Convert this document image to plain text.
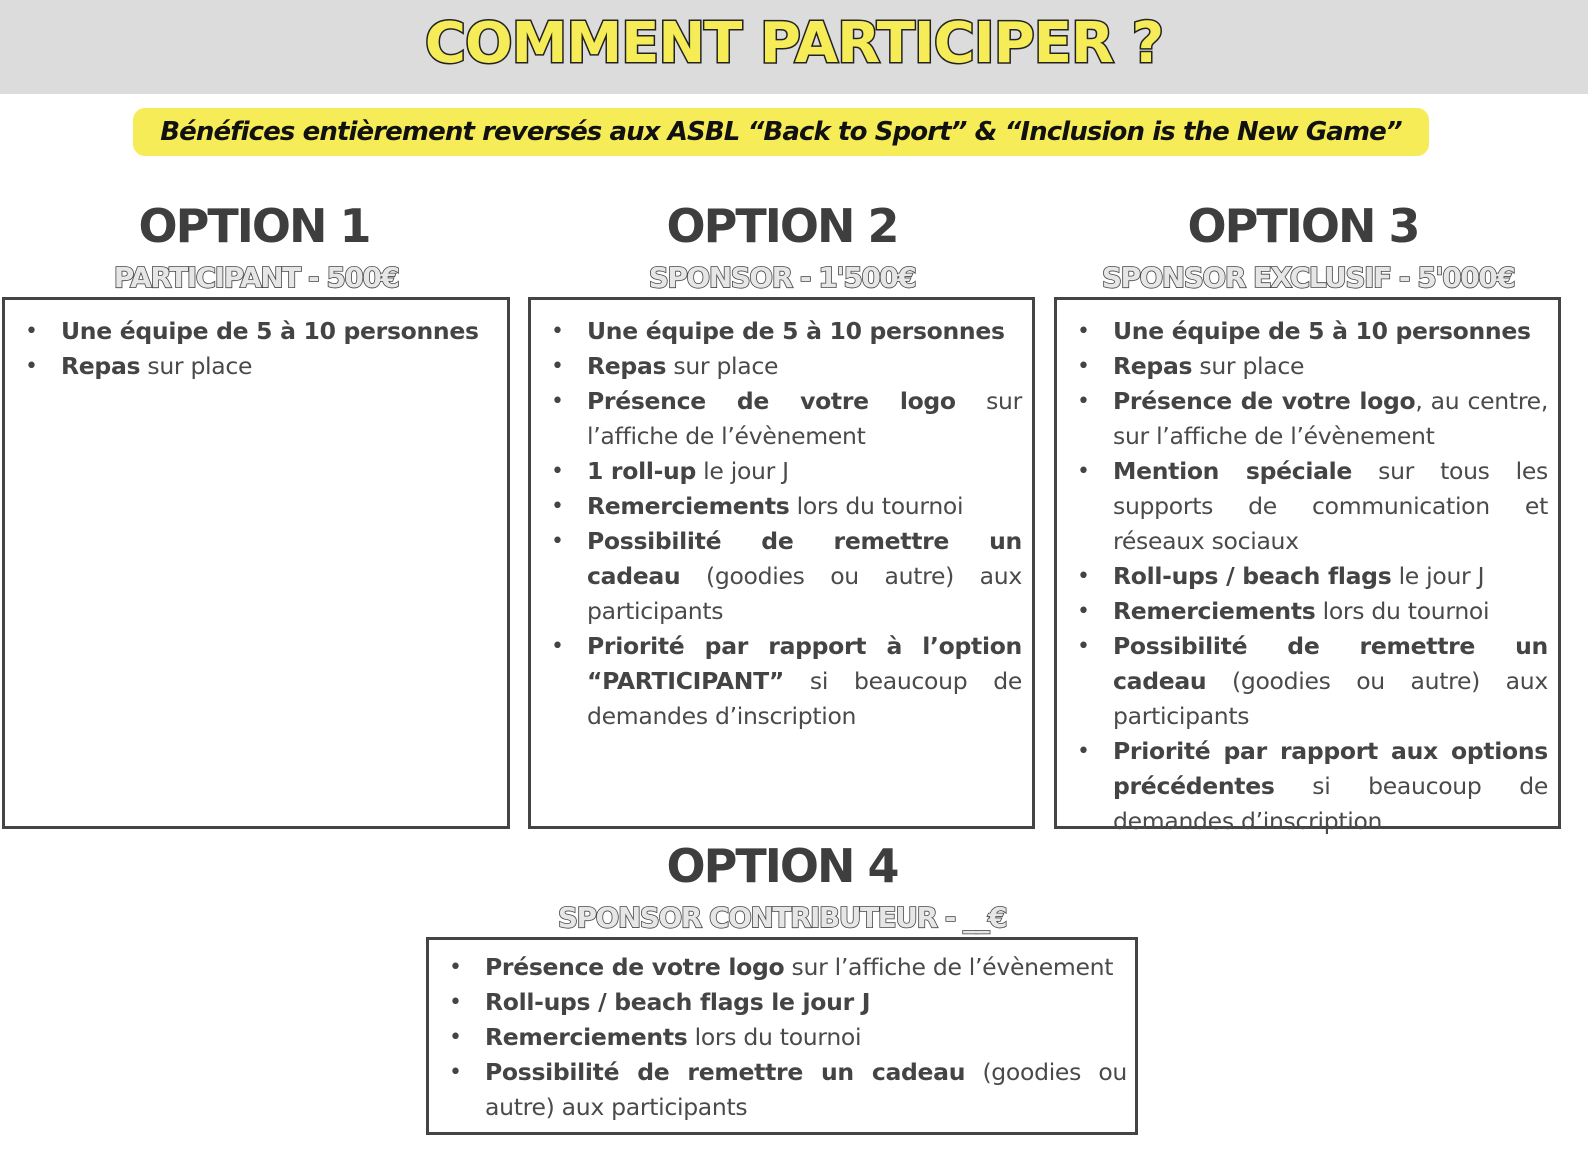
COMMENT PARTICIPER ?
Bénéfices entièrement reversés aux ASBL “Back to Sport” & “Inclusion is the New Game”
OPTION 1
PARTICIPANT - 500€
• Une équipe de 5 à 10 personnes
• Repas sur place
OPTION 2
SPONSOR - 1'500€
• Une équipe de 5 à 10 personnes
• Repas sur place
• Présence de votre logo sur l’affiche de l’évènement
• 1 roll-up le jour J
• Remerciements lors du tournoi
• Possibilité de remettre un cadeau (goodies ou autre) aux participants
• Priorité par rapport à l’option “PARTICIPANT” si beaucoup de demandes d’inscription
OPTION 3
SPONSOR EXCLUSIF - 5'000€
• Une équipe de 5 à 10 personnes
• Repas sur place
• Présence de votre logo, au centre, sur l’affiche de l’évènement
• Mention spéciale sur tous les supports de communication et réseaux sociaux
• Roll-ups / beach flags le jour J
• Remerciements lors du tournoi
• Possibilité de remettre un cadeau (goodies ou autre) aux participants
• Priorité par rapport aux options précédentes si beaucoup de demandes d’inscription
OPTION 4
SPONSOR CONTRIBUTEUR - __€
• Présence de votre logo sur l’affiche de l’évènement
• Roll-ups / beach flags le jour J
• Remerciements lors du tournoi
• Possibilité de remettre un cadeau (goodies ou autre) aux participants
